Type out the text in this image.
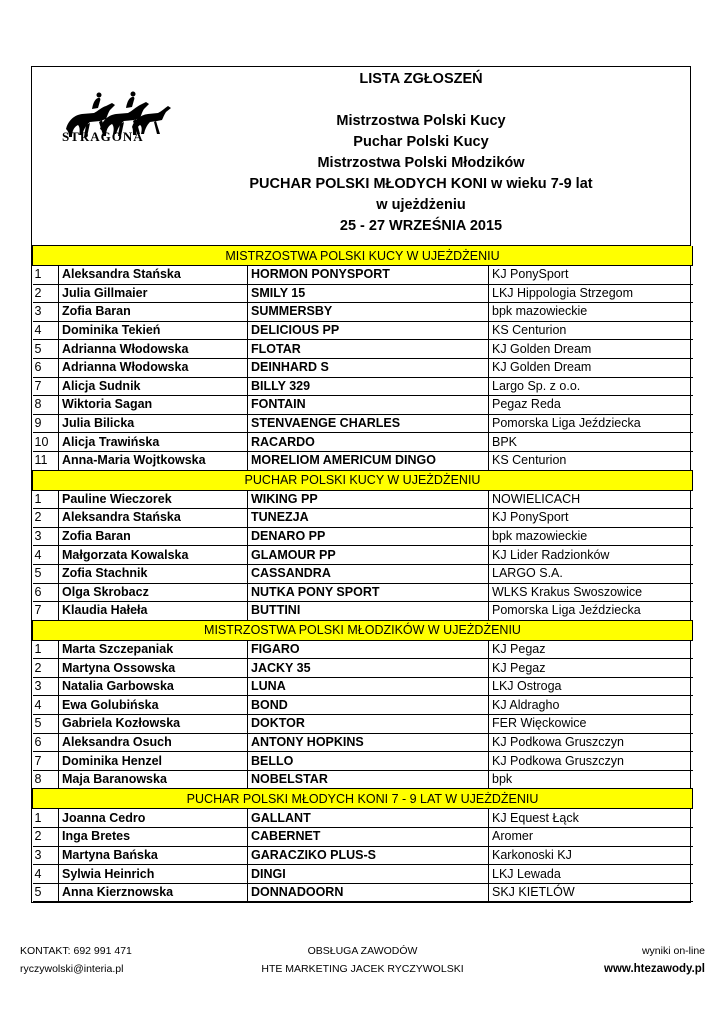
STRAGONA
LISTA ZGŁOSZEŃ
Mistrzostwa Polski Kucy
Puchar Polski Kucy
Mistrzostwa Polski Młodzików
PUCHAR POLSKI MŁODYCH KONI w wieku 7-9 lat
w ujeżdżeniu
25 - 27 WRZEŚNIA 2015
MISTRZOSTWA POLSKI KUCY W UJEŻDŻENIU			
1	Aleksandra Stańska	HORMON PONYSPORT	KJ PonySport
2	Julia Gillmaier	SMILY 15	LKJ Hippologia Strzegom
3	Zofia Baran	SUMMERSBY	bpk mazowieckie
4	Dominika Tekień	DELICIOUS PP	KS Centurion
5	Adrianna Włodowska	FLOTAR	KJ Golden Dream
6	Adrianna Włodowska	DEINHARD S	KJ Golden Dream
7	Alicja Sudnik	BILLY 329	Largo Sp. z o.o.
8	Wiktoria Sagan	FONTAIN	Pegaz Reda
9	Julia Bilicka	STENVAENGE CHARLES	Pomorska Liga Jeździecka
10	Alicja Trawińska	RACARDO	BPK
11	Anna-Maria Wojtkowska	MORELIOM AMERICUM DINGO	KS Centurion
PUCHAR POLSKI KUCY W UJEŻDŻENIU			
1	Pauline Wieczorek	WIKING PP	NOWIELICACH
2	Aleksandra Stańska	TUNEZJA	KJ PonySport
3	Zofia Baran	DENARO PP	bpk mazowieckie
4	Małgorzata Kowalska	GLAMOUR PP	KJ Lider Radzionków
5	Zofia Stachnik	CASSANDRA	LARGO S.A.
6	Olga Skrobacz	NUTKA PONY SPORT	WLKS Krakus Swoszowice
7	Klaudia Hałeła	BUTTINI	Pomorska Liga Jeździecka
MISTRZOSTWA POLSKI MŁODZIKÓW W UJEŻDŻENIU			
1	Marta Szczepaniak	FIGARO	KJ Pegaz
2	Martyna Ossowska	JACKY 35	KJ Pegaz
3	Natalia Garbowska	LUNA	LKJ Ostroga
4	Ewa Golubińska	BOND	KJ Aldragho
5	Gabriela Kozłowska	DOKTOR	FER Więckowice
6	Aleksandra Osuch	ANTONY HOPKINS	KJ Podkowa Gruszczyn
7	Dominika Henzel	BELLO	KJ Podkowa Gruszczyn
8	Maja Baranowska	NOBELSTAR	bpk
PUCHAR POLSKI MŁODYCH KONI 7 - 9 LAT W UJEŻDŻENIU			
1	Joanna Cedro	GALLANT	KJ Equest Łąck
2	Inga Bretes	CABERNET	Aromer
3	Martyna Bańska	GARACZIKO PLUS-S	Karkonoski KJ
4	Sylwia Heinrich	DINGI	LKJ Lewada
5	Anna Kierznowska	DONNADOORN	SKJ KIETLÓW
KONTAKT: 692 991 471
ryczywolski@interia.pl
OBSŁUGA ZAWODÓW
HTE MARKETING JACEK RYCZYWOLSKI
wyniki on-line
www.htezawody.pl
